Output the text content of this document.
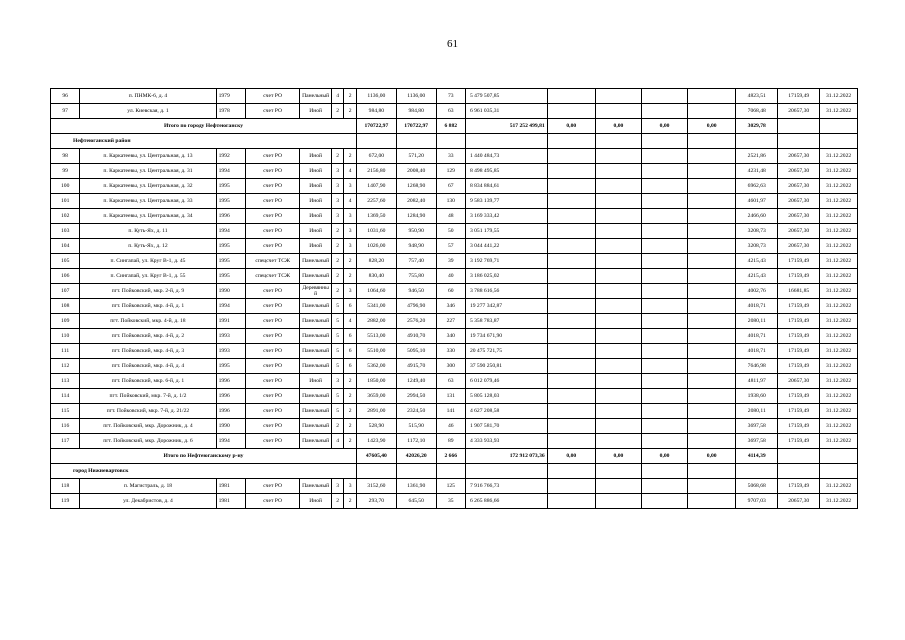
61
96	п. ПНМК-6, д. 4	1979	счет РО	Панельный	4	2	1136,00	1136,00	73	5 479 507,85					4823,51	17159,49	31.12.2022
97	ул. Киевская, д. 1	1978	счет РО	Иной	2	2	984,80	984,80	63	6 961 035,31					7068,48	20657,30	31.12.2022
Итого по городу Нефтеюганску							170722,97	170722,97	6 882	517 252 499,81	0,00	0,00	0,00	0,00	3029,78		
Нефтеюганский район																	
98	п. Каркатеевы, ул. Центральная, д. 13	1992	счет РО	Иной	2	2	672,00	571,20	33	1 440 484,73					2521,86	20657,30	31.12.2022
99	п. Каркатеевы, ул. Центральная, д. 31	1994	счет РО	Иной	3	4	2156,80	2008,40	129	8 498 495,85					4231,48	20657,30	31.12.2022
100	п. Каркатеевы, ул. Центральная, д. 32	1995	счет РО	Иной	3	3	1407,90	1268,90	67	8 834 884,61					6962,63	20657,30	31.12.2022
101	п. Каркатеевы, ул. Центральная, д. 33	1995	счет РО	Иной	3	4	2257,60	2082,40	130	9 583 139,77					4601,97	20657,30	31.12.2022
102	п. Каркатеевы, ул. Центральная, д. 34	1996	счет РО	Иной	3	3	1369,50	1284,90	48	3 169 333,42					2466,60	20657,30	31.12.2022
103	п. Куть-Ях, д. 11	1994	счет РО	Иной	2	3	1031,60	950,90	50	3 051 179,55					3208,73	20657,30	31.12.2022
104	п. Куть-Ях, д. 12	1995	счет РО	Иной	2	3	1026,00	948,90	57	3 044 441,22					3208,73	20657,30	31.12.2022
105	п. Сингапай, ул. Круг В-1, д. 45	1995	спецсчет ТСЖ	Панельный	2	2	828,20	757,40	39	3 192 769,71					4215,43	17159,49	31.12.2022
106	п. Сингапай, ул. Круг В-1, д. 55	1995	спецсчет ТСЖ	Панельный	2	2	830,40	755,80	40	3 186 025,02					4215,43	17159,49	31.12.2022
107	пгт. Пойковский, мкр. 2-й, д. 9	1990	счет РО	Деревянный	2	3	1064,60	946,50	60	3 788 616,56					4002,76	16681,85	31.12.2022
108	пгт. Пойковский, мкр. 4-й, д. 1	1994	счет РО	Панельный	5	6	5341,00	4796,90	346	19 277 342,87					4018,71	17159,49	31.12.2022
109	пгт. Пойковский, мкр. 4-й, д. 18	1991	счет РО	Панельный	5	4	2882,00	2576,20	227	5 358 783,87					2080,11	17159,49	31.12.2022
110	пгт. Пойковский, мкр. 4-й, д. 2	1993	счет РО	Панельный	5	6	5513,00	4910,70	340	19 734 671,90					4018,71	17159,49	31.12.2022
111	пгт. Пойковский, мкр. 4-й, д. 3	1993	счет РО	Панельный	5	6	5510,00	5095,10	330	20 475 721,75					4018,71	17159,49	31.12.2022
112	пгт. Пойковский, мкр. 4-й, д. 4	1995	счет РО	Панельный	5	6	5362,00	4915,70	300	37 590 250,81					7646,98	17159,49	31.12.2022
113	пгт. Пойковский, мкр. 6-й, д. 1	1996	счет РО	Иной	3	2	1850,00	1249,40	63	6 012 079,46					4811,97	20657,30	31.12.2022
114	пгт. Пойковский, мкр. 7-й, д. 1/2	1996	счет РО	Панельный	5	2	3659,00	2994,50	131	5 805 128,03					1938,60	17159,49	31.12.2022
115	пгт. Пойковский, мкр. 7-й, д. 21/22	1996	счет РО	Панельный	5	2	2891,00	2324,50	141	4 627 208,58					2080,11	17159,49	31.12.2022
116	пгт. Пойковский, мкр. Дорожник, д. 4	1990	счет РО	Панельный	2	2	528,90	515,90	46	1 907 581,70					3697,58	17159,49	31.12.2022
117	пгт. Пойковский, мкр. Дорожник, д. 6	1994	счет РО	Панельный	4	2	1423,90	1172,10	89	4 333 933,93					3697,58	17159,49	31.12.2022
Итого по Нефтеюганскому р-ну							47605,40	42026,20	2 666	172 912 073,36	0,00	0,00	0,00	0,00	4114,39		
город Нижневартовск																	
118	п. Магистраль, д. 18	1981	счет РО	Панельный	3	3	3152,60	1361,90	125	7 916 766,73					5068,68	17159,49	31.12.2022
119	ул. Декабристов, д. 4	1981	счет РО	Иной	2	2	293,70	645,50	35	6 265 886,66					9707,03	20657,30	31.12.2022
